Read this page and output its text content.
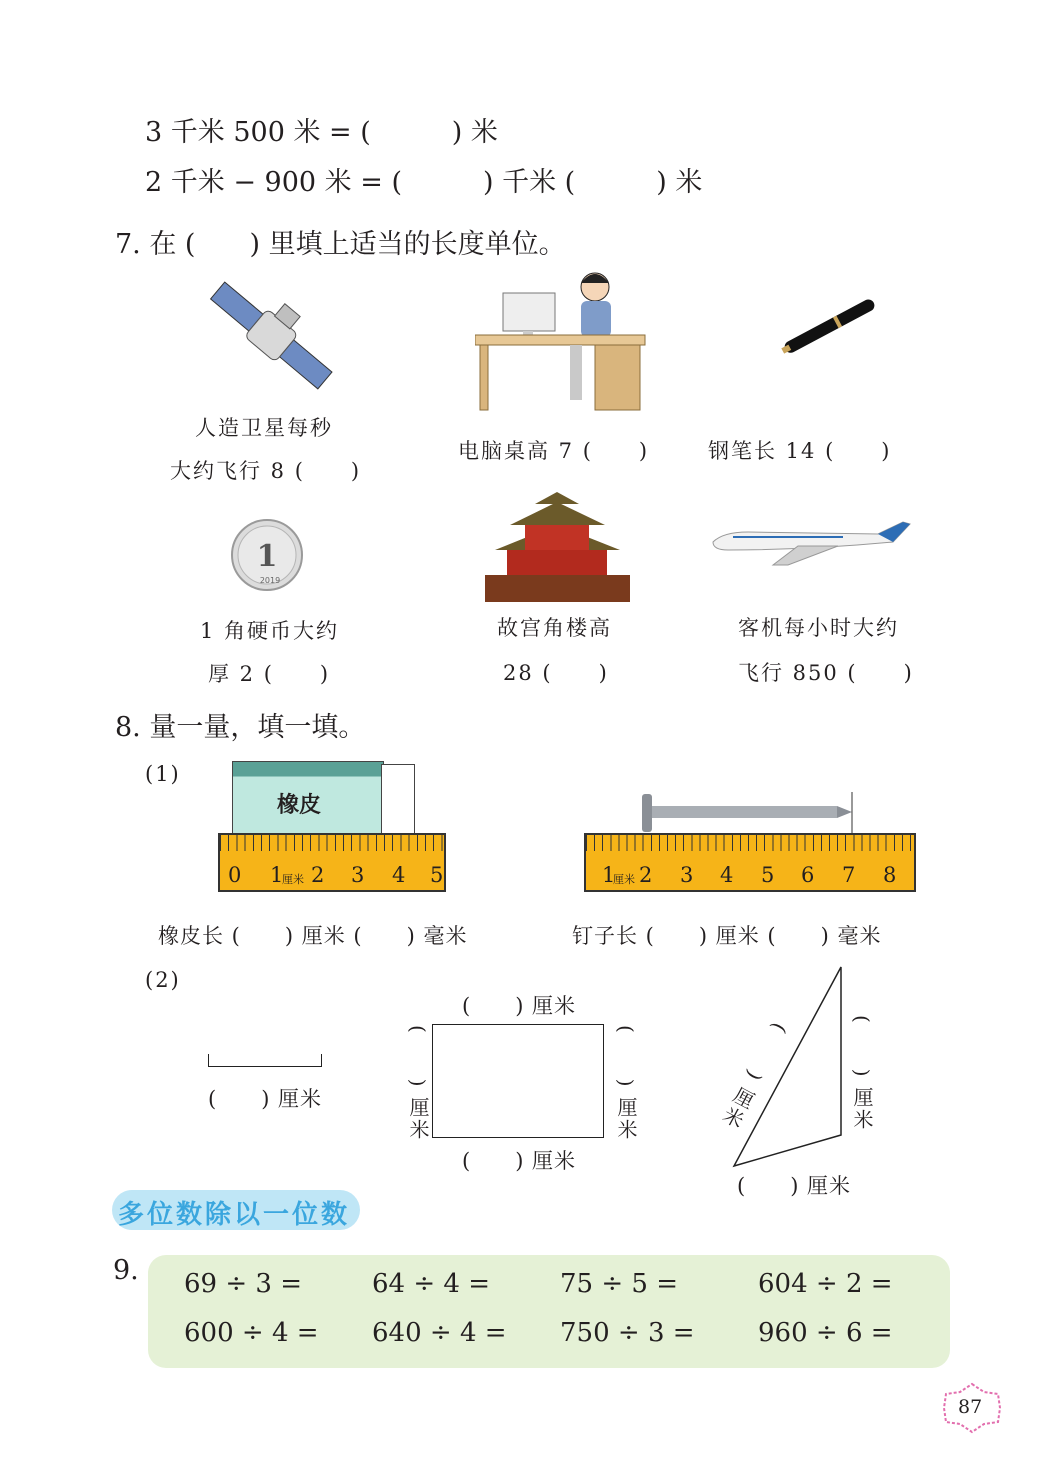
3 千米 500 米 = (　　　) 米
2 千米 − 900 米 = (　　　) 千米 (　　　) 米
7. 在 (　　) 里填上适当的长度单位。
人造卫星每秒
大约飞行 8 (　　)
电脑桌高 7 (　　)	钢笔长 14 (　　)
1
2019
1 角硬币大约
厚 2 (　　)
故宫角楼高
28 (　　)
客机每小时大约
飞行 850 (　　)
8. 量一量，填一填。
(1)
橡皮
0 1
厘米 2 3 4 5	1
厘米 2 3 4 5 6 7 8
橡皮长 (　　) 厘米 (　　) 毫米	钉子长 (　　) 厘米 (　　) 毫米
(2)
(　　) 厘米
(　　) 厘米
(　　) 厘米
(　　) 厘米	(　　) 厘米	(　　) 厘米	(　　) 厘米
(　　) 厘米
多位数除以一位数
9. 69 ÷ 3 =	64 ÷ 4 =	75 ÷ 5 =	604 ÷ 2 =
600 ÷ 4 = 640 ÷ 4 = 750 ÷ 3 = 960 ÷ 6 =
87
